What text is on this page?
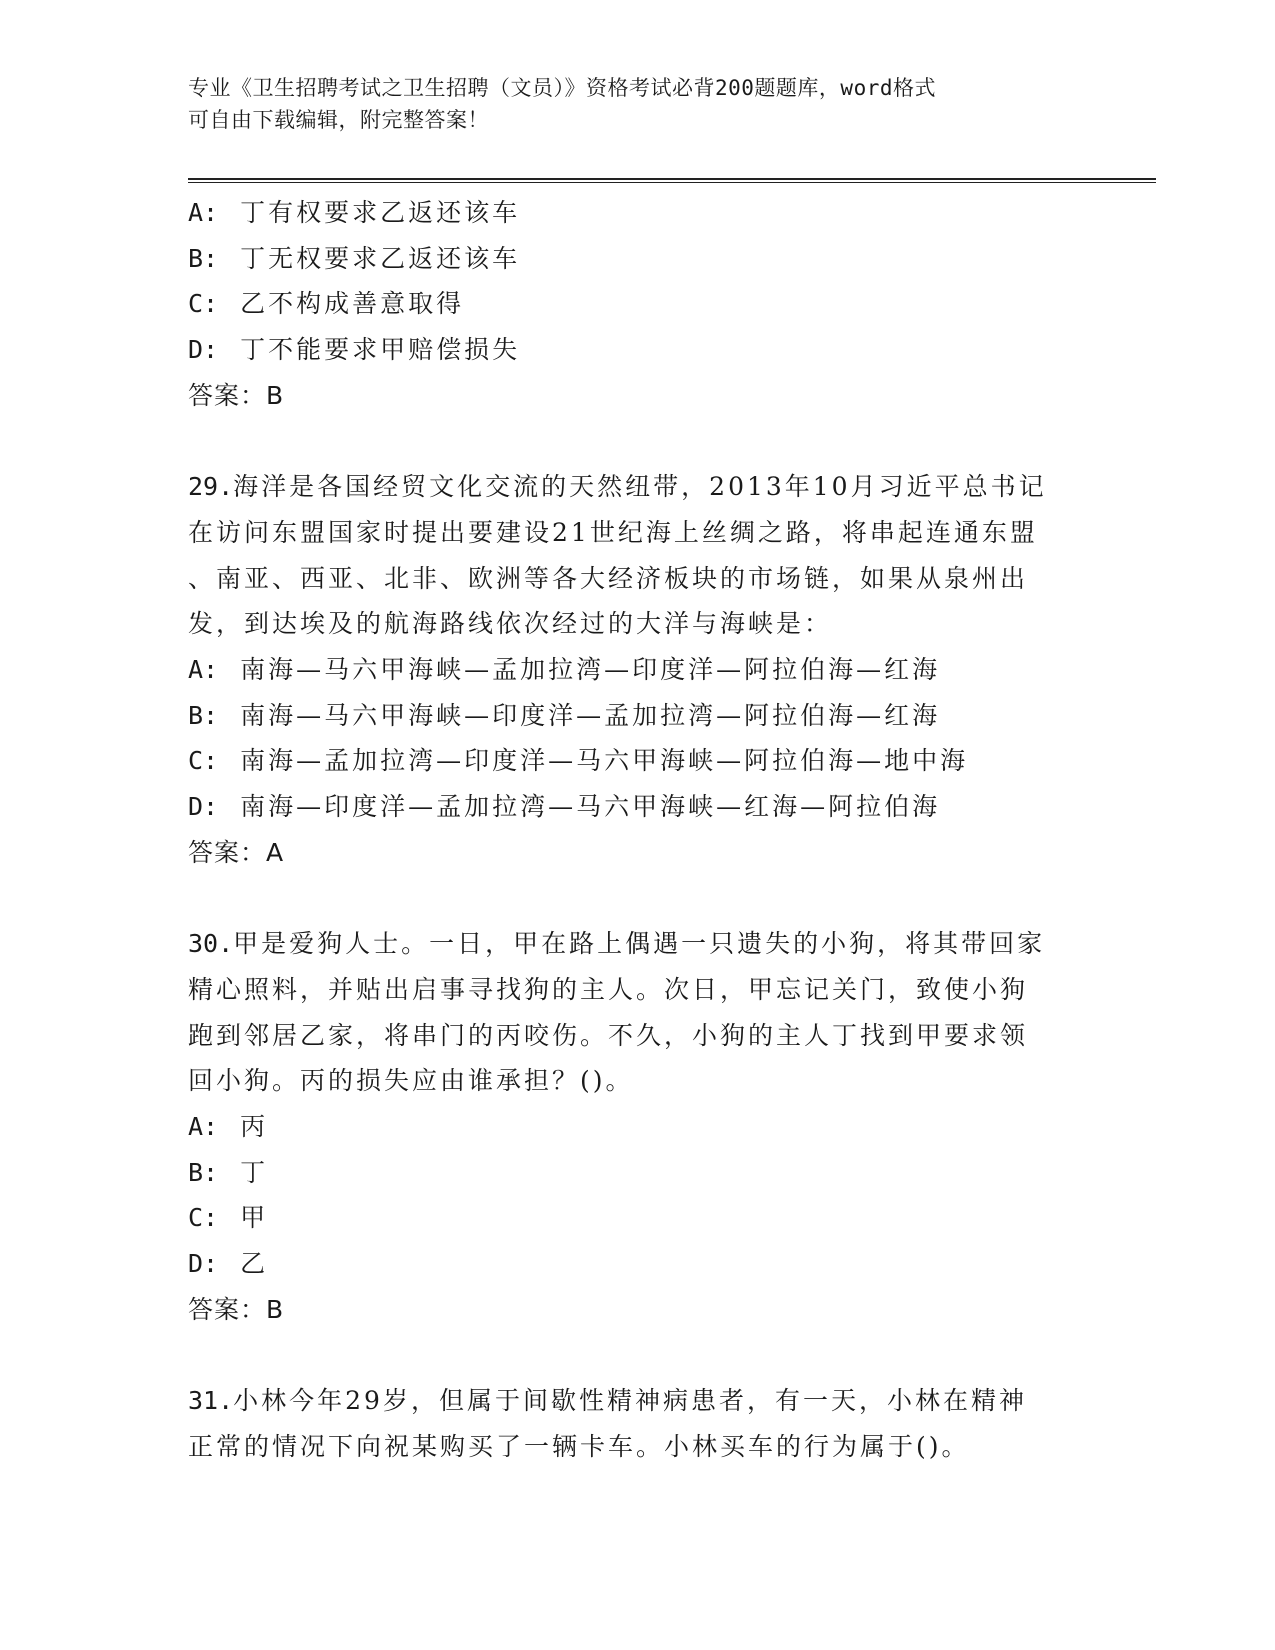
专业《卫生招聘考试之卫生招聘（文员）》资格考试必背200题题库，word格式
可自由下载编辑，附完整答案！
A: 丁有权要求乙返还该车
B: 丁无权要求乙返还该车
C: 乙不构成善意取得
D: 丁不能要求甲赔偿损失
答案：B
29.海洋是各国经贸文化交流的天然纽带，2013年10月习近平总书记
在访问东盟国家时提出要建设21世纪海上丝绸之路，将串起连通东盟
、南亚、西亚、北非、欧洲等各大经济板块的市场链，如果从泉州出
发，到达埃及的航海路线依次经过的大洋与海峡是：
A: 南海—马六甲海峡—孟加拉湾—印度洋—阿拉伯海—红海
B: 南海—马六甲海峡—印度洋—孟加拉湾—阿拉伯海—红海
C: 南海—孟加拉湾—印度洋—马六甲海峡—阿拉伯海—地中海
D: 南海—印度洋—孟加拉湾—马六甲海峡—红海—阿拉伯海
答案：A
30.甲是爱狗人士。一日，甲在路上偶遇一只遗失的小狗，将其带回家
精心照料，并贴出启事寻找狗的主人。次日，甲忘记关门，致使小狗
跑到邻居乙家，将串门的丙咬伤。不久，小狗的主人丁找到甲要求领
回小狗。丙的损失应由谁承担？()。
A: 丙
B: 丁
C: 甲
D: 乙
答案：B
31.小林今年29岁，但属于间歇性精神病患者，有一天，小林在精神
正常的情况下向祝某购买了一辆卡车。小林买车的行为属于()。
